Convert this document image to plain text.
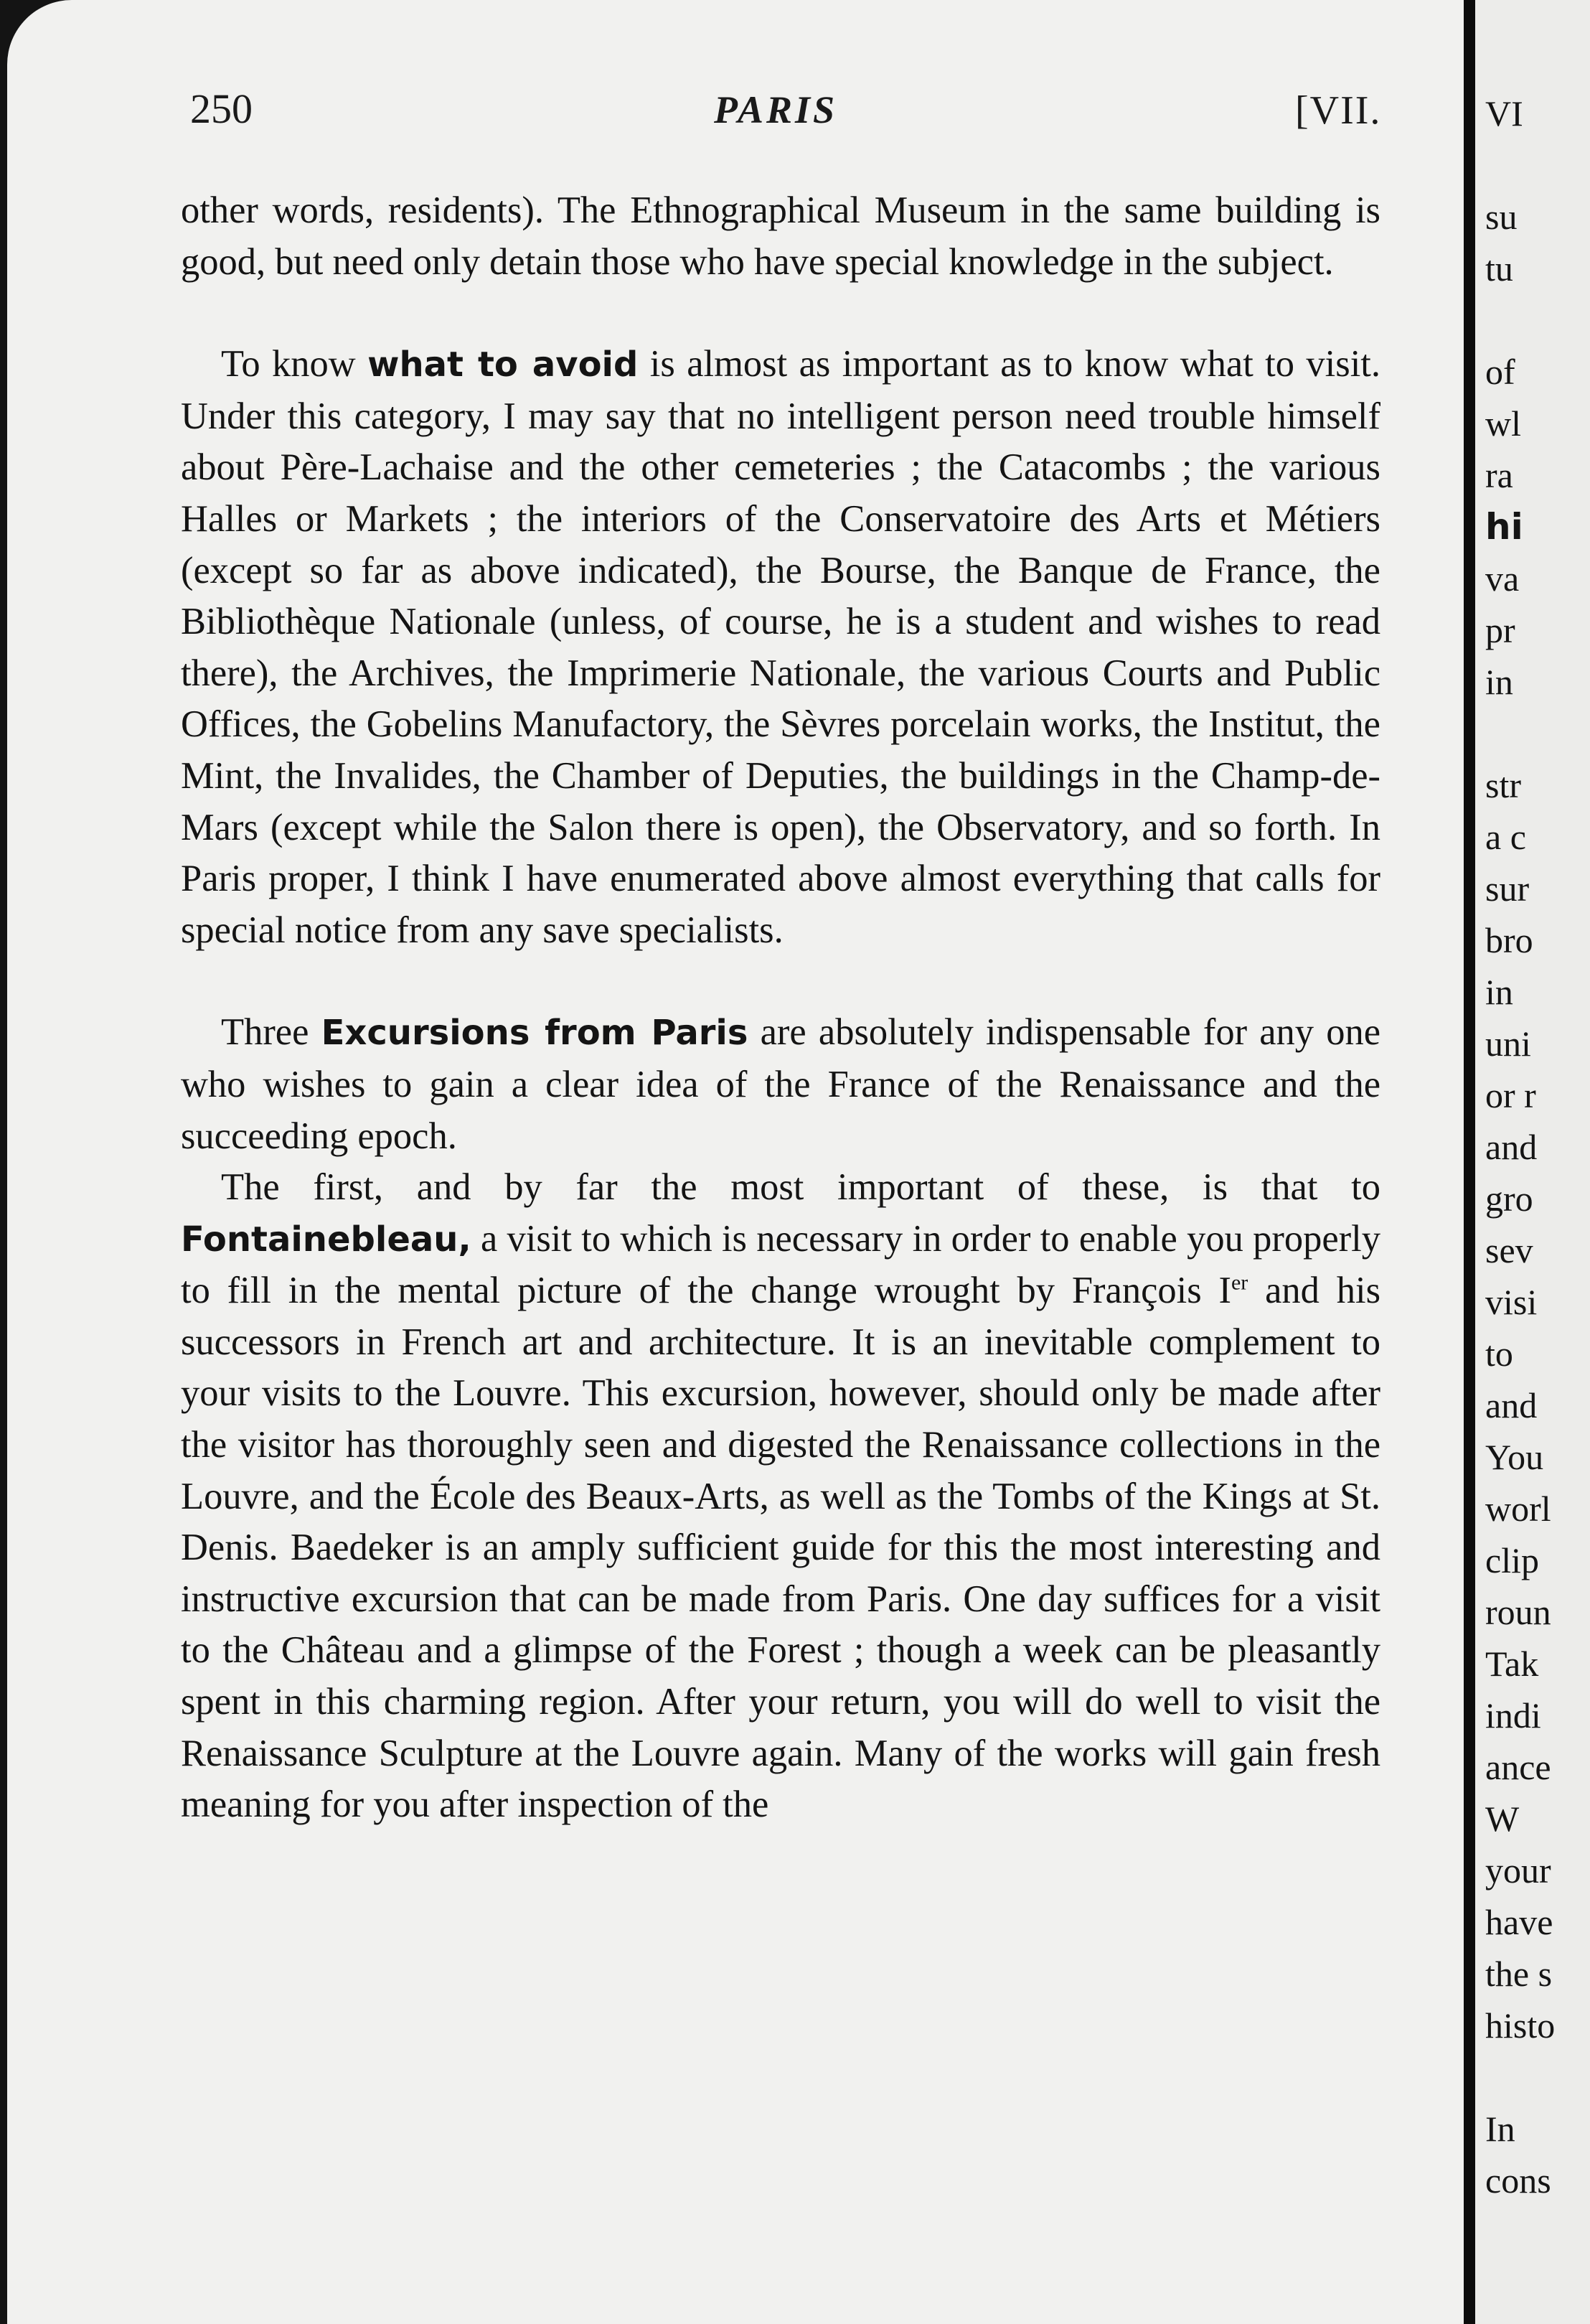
250	PARIS	[VII.

other words, residents). The Ethnographical Museum in the same building is good, but need only detain those who have special knowledge in the subject.

To know what to avoid is almost as important as to know what to visit. Under this category, I may say that no intelligent person need trouble himself about Père-Lachaise and the other cemeteries ; the Catacombs ; the various Halles or Markets ; the interiors of the Conservatoire des Arts et Métiers (except so far as above indicated), the Bourse, the Banque de France, the Bibliothèque Nationale (unless, of course, he is a student and wishes to read there), the Archives, the Imprimerie Nationale, the various Courts and Public Offices, the Gobelins Manufactory, the Sèvres porcelain works, the Institut, the Mint, the Invalides, the Chamber of Deputies, the buildings in the Champ-de-Mars (except while the Salon there is open), the Observatory, and so forth. In Paris proper, I think I have enumerated above almost everything that calls for special notice from any save specialists.

Three Excursions from Paris are absolutely indispensable for any one who wishes to gain a clear idea of the France of the Renaissance and the succeeding epoch.

The first, and by far the most important of these, is that to Fontainebleau, a visit to which is necessary in order to enable you properly to fill in the mental picture of the change wrought by François Ier and his successors in French art and architecture. It is an inevitable complement to your visits to the Louvre. This excursion, however, should only be made after the visitor has thoroughly seen and digested the Renaissance collections in the Louvre, and the École des Beaux-Arts, as well as the Tombs of the Kings at St. Denis. Baedeker is an amply sufficient guide for this the most interesting and instructive excursion that can be made from Paris. One day suffices for a visit to the Château and a glimpse of the Forest ; though a week can be pleasantly spent in this charming region. After your return, you will do well to visit the Renaissance Sculpture at the Louvre again. Many of the works will gain fresh meaning for you after inspection of the

VI
su
tu
of
wl
ra
hi
va
pr
in
str
a c
sur
bro
in
uni
or r
and
gro
sev
visi
to
and
You
worl
clip
roun
Tak
indi
ance
W
your
have
the s
histo
In
cons
